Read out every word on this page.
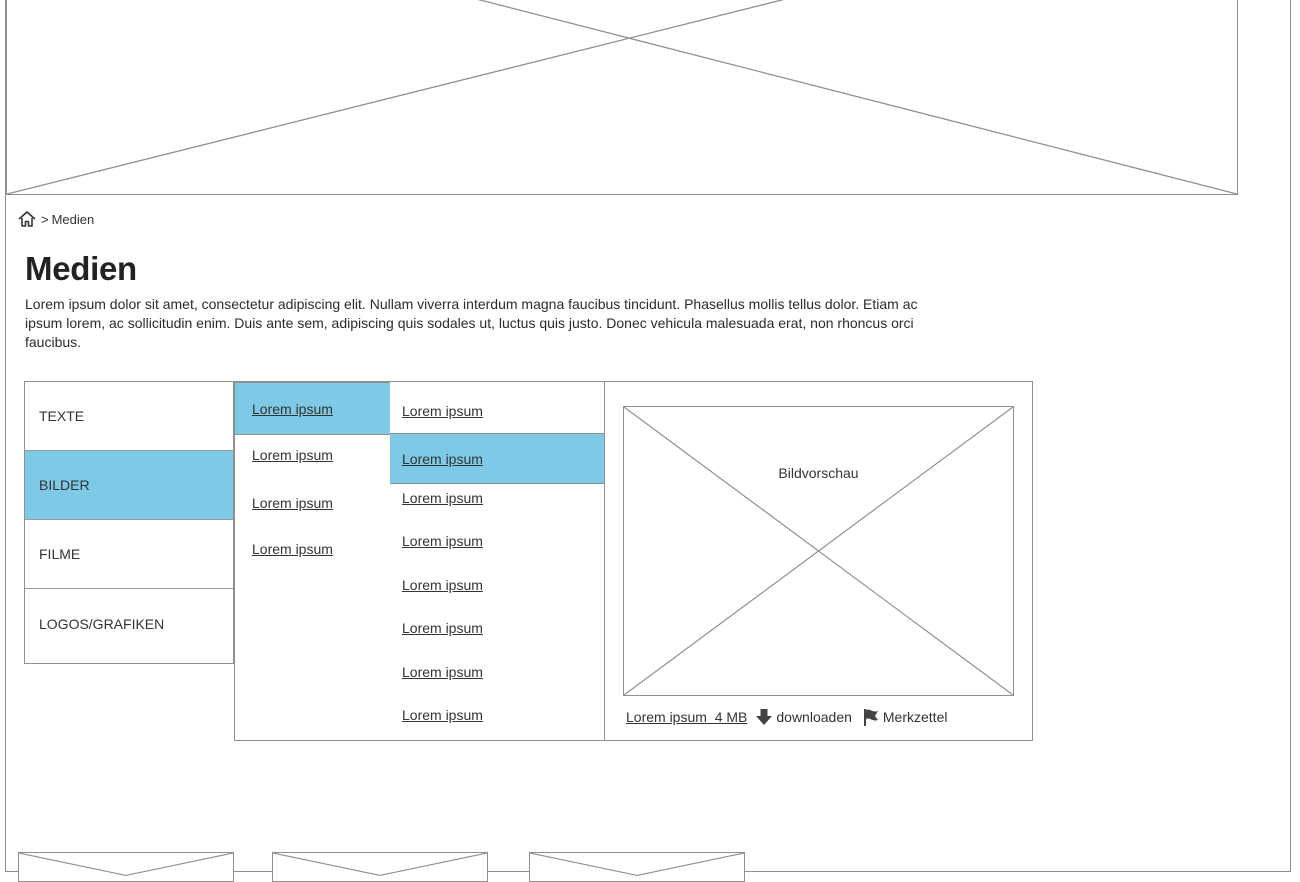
> Medien
Medien

Lorem ipsum dolor sit amet, consectetur adipiscing elit. Nullam viverra interdum magna faucibus tincidunt. Phasellus mollis tellus dolor. Etiam ac ipsum lorem, ac sollicitudin enim. Duis ante sem, adipiscing quis sodales ut, luctus quis justo. Donec vehicula malesuada erat, non rhoncus orci faucibus.

TEXTE
BILDER
FILME
LOGOS/GRAFIKEN
Lorem ipsum
Lorem ipsum
Lorem ipsum
Lorem ipsum
Lorem ipsum
Lorem ipsum
Lorem ipsum
Lorem ipsum
Lorem ipsum
Lorem ipsum
Lorem ipsum
Lorem ipsum
Bildvorschau
Lorem ipsum  4 MB downloaden Merkzettel
